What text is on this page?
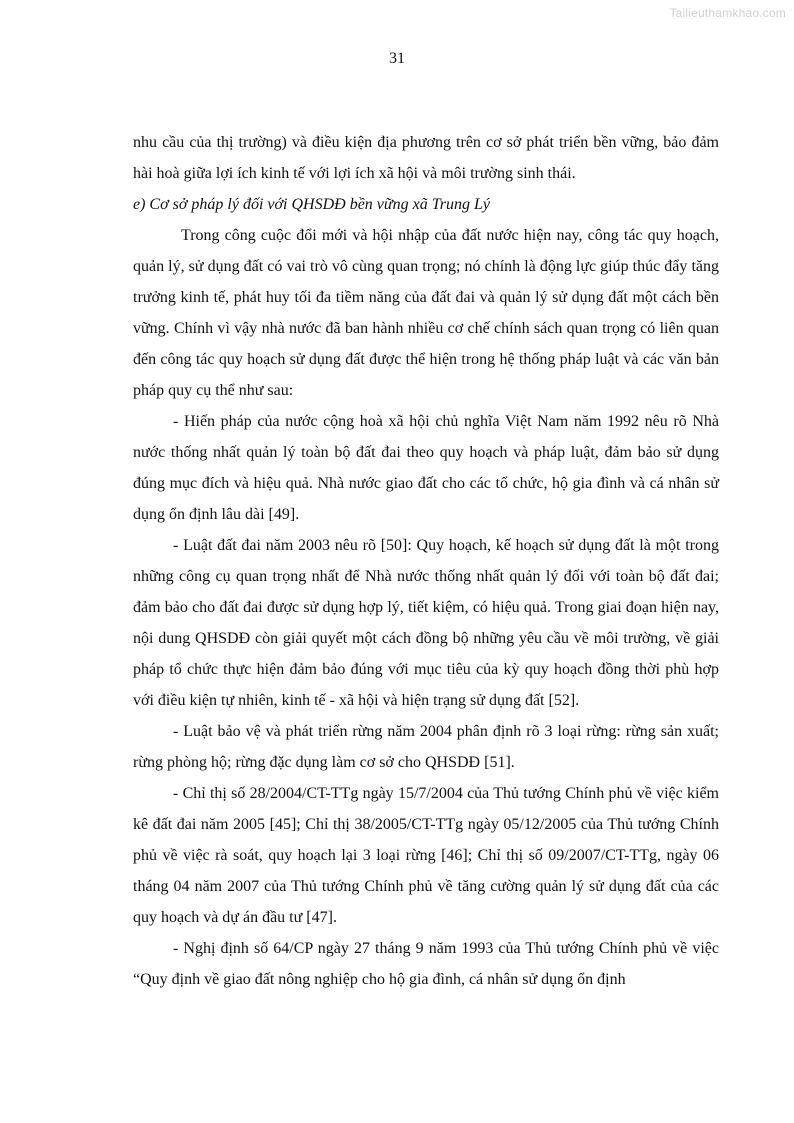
Tailieuthamkhao.com
31

nhu cầu của thị trường) và điều kiện địa phương trên cơ sở phát triển bền vững, bảo đảm hài hoà giữa lợi ích kinh tế với lợi ích xã hội và môi trường sinh thái.

e) Cơ sở pháp lý đối với QHSDĐ bền vững xã Trung Lý

Trong công cuộc đổi mới và hội nhập của đất nước hiện nay, công tác quy hoạch, quản lý, sử dụng đất có vai trò vô cùng quan trọng; nó chính là động lực giúp thúc đẩy tăng trưởng kinh tế, phát huy tối đa tiềm năng của đất đai và quản lý sử dụng đất một cách bền vững. Chính vì vậy nhà nước đã ban hành nhiều cơ chế chính sách quan trọng có liên quan đến công tác quy hoạch sử dụng đất được thể hiện trong hệ thống pháp luật và các văn bản pháp quy cụ thể như sau:

- Hiến pháp của nước cộng hoà xã hội chủ nghĩa Việt Nam năm 1992 nêu rõ Nhà nước thống nhất quản lý toàn bộ đất đai theo quy hoạch và pháp luật, đảm bảo sử dụng đúng mục đích và hiệu quả. Nhà nước giao đất cho các tổ chức, hộ gia đình và cá nhân sử dụng ổn định lâu dài [49].

- Luật đất đai năm 2003 nêu rõ [50]: Quy hoạch, kế hoạch sử dụng đất là một trong những công cụ quan trọng nhất để Nhà nước thống nhất quản lý đối với toàn bộ đất đai; đảm bảo cho đất đai được sử dụng hợp lý, tiết kiệm, có hiệu quả. Trong giai đoạn hiện nay, nội dung QHSDĐ còn giải quyết một cách đồng bộ những yêu cầu về môi trường, về giải pháp tổ chức thực hiện đảm bảo đúng với mục tiêu của kỳ quy hoạch đồng thời phù hợp với điều kiện tự nhiên, kinh tế - xã hội và hiện trạng sử dụng đất [52].

- Luật bảo vệ và phát triển rừng năm 2004 phân định rõ 3 loại rừng: rừng sản xuất; rừng phòng hộ; rừng đặc dụng làm cơ sở cho QHSDĐ [51].

- Chỉ thị số 28/2004/CT-TTg ngày 15/7/2004 của Thủ tướng Chính phủ về việc kiểm kê đất đai năm 2005 [45]; Chỉ thị 38/2005/CT-TTg ngày 05/12/2005 của Thủ tướng Chính phủ về việc rà soát, quy hoạch lại 3 loại rừng [46]; Chỉ thị số 09/2007/CT-TTg, ngày 06 tháng 04 năm 2007 của Thủ tướng Chính phủ về tăng cường quản lý sử dụng đất của các quy hoạch và dự án đầu tư [47].

- Nghị định số 64/CP ngày 27 tháng 9 năm 1993 của Thủ tướng Chính phủ về việc “Quy định về giao đất nông nghiệp cho hộ gia đình, cá nhân sử dụng ổn định
